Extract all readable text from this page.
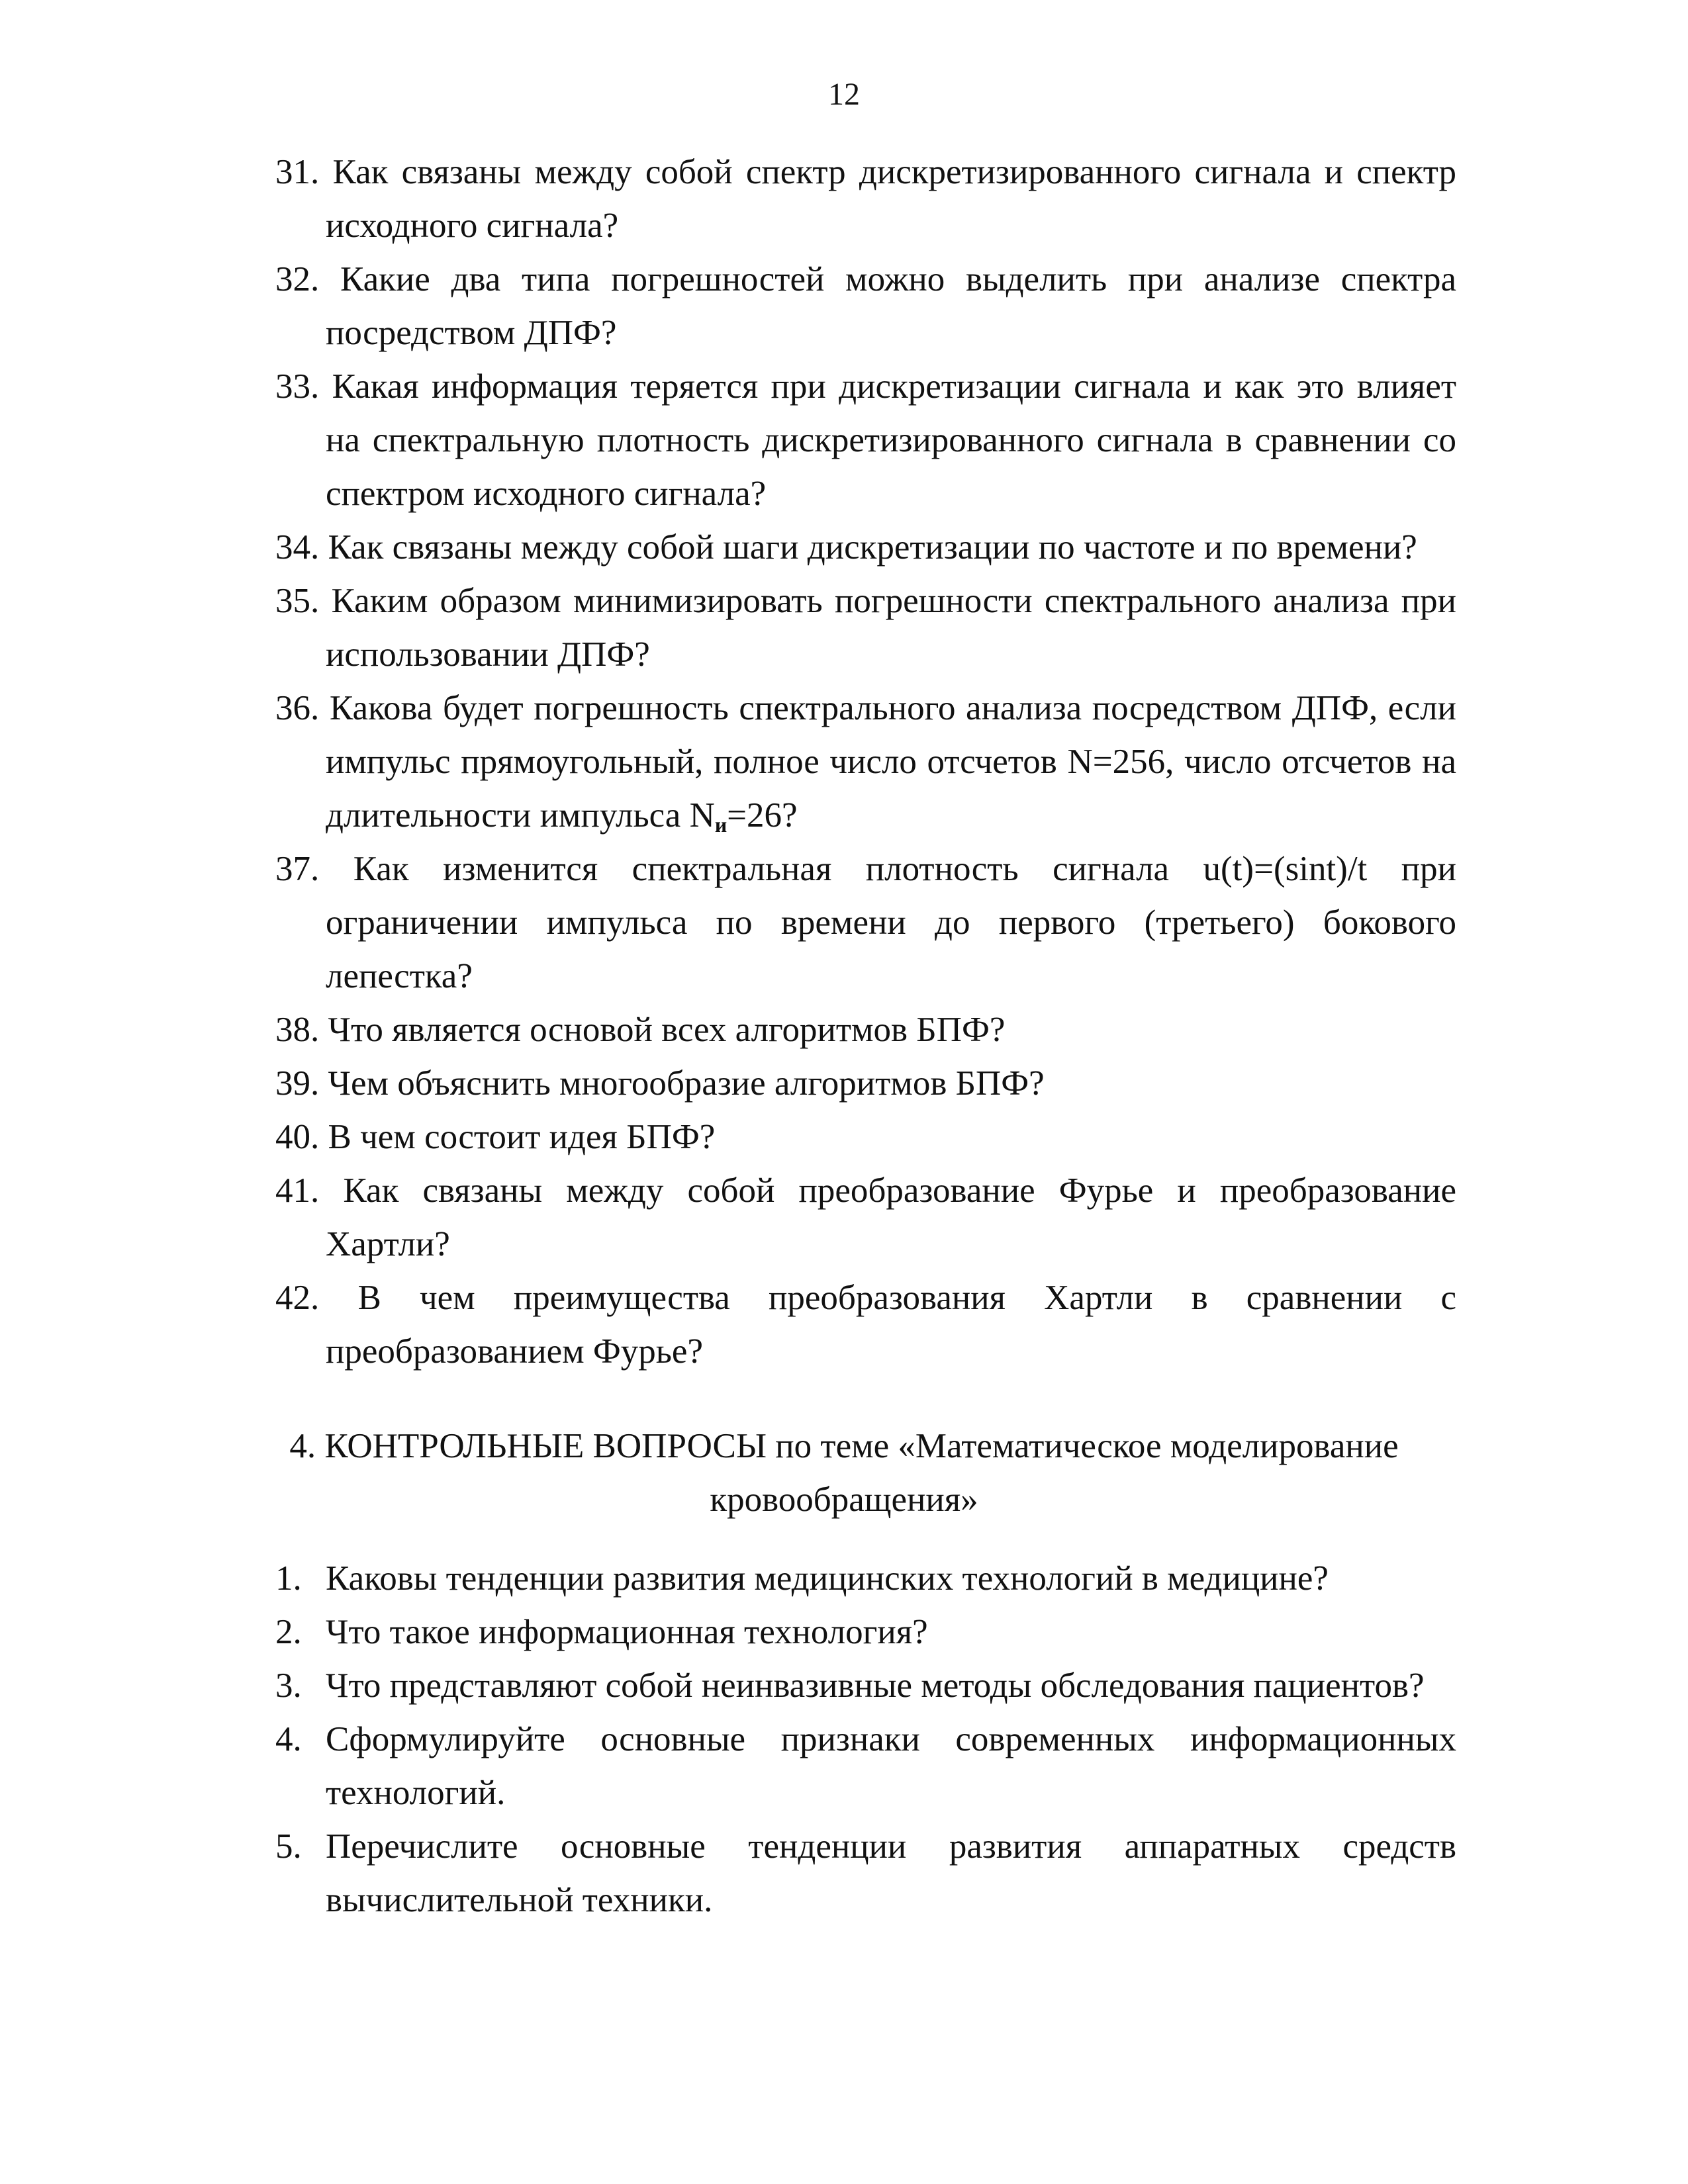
12
31. Как связаны между собой спектр дискретизированного сигнала и спектр исходного сигнала?
32. Какие два типа погрешностей можно выделить при анализе спектра посредством ДПФ?
33. Какая информация теряется при дискретизации сигнала и как это влияет на спектральную плотность дискретизированного сигнала в сравнении со спектром исходного сигнала?
34. Как связаны между собой шаги дискретизации по частоте и по времени?
35. Каким образом минимизировать погрешности спектрального анализа при использовании ДПФ?
36. Какова будет погрешность спектрального анализа посредством ДПФ, если импульс прямоугольный, полное число отсчетов N=256, число отсчетов на длительности импульса $N_и=26$?
37. Как изменится спектральная плотность сигнала u(t)=(sint)/t при ограничении импульса по времени до первого (третьего) бокового лепестка?
38. Что является основой всех алгоритмов БПФ?
39. Чем объяснить многообразие алгоритмов БПФ?
40. В чем состоит идея БПФ?
41. Как связаны между собой преобразование Фурье и преобразование Хартли?
42. В чем преимущества преобразования Хартли в сравнении с преобразованием Фурье?
4. КОНТРОЛЬНЫЕ ВОПРОСЫ по теме «Математическое моделирование кровообращения»
1. Каковы тенденции развития медицинских технологий в медицине?
2. Что такое информационная технология?
3. Что представляют собой неинвазивные методы обследования пациентов?
4. Сформулируйте основные признаки современных информационных технологий.
5. Перечислите основные тенденции развития аппаратных средств вычислительной техники.
